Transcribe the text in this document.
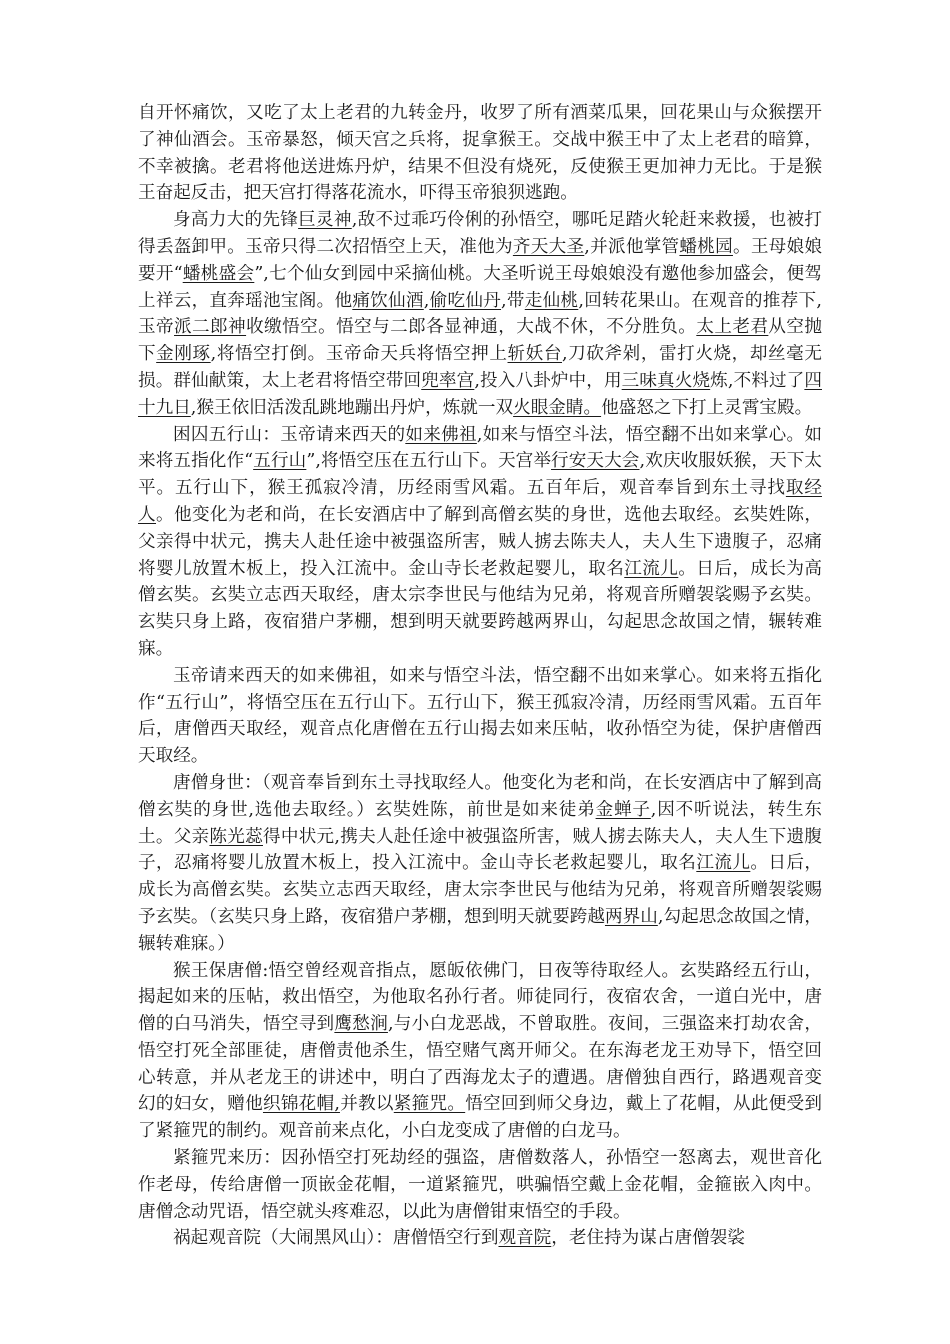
自开怀痛饮，又吃了太上老君的九转金丹，收罗了所有酒菜瓜果，回花果山与众猴摆开了神仙酒会。玉帝暴怒，倾天宫之兵将，捉拿猴王。交战中猴王中了太上老君的暗算，不幸被擒。老君将他送进炼丹炉，结果不但没有烧死，反使猴王更加神力无比。于是猴王奋起反击，把天宫打得落花流水，吓得玉帝狼狈逃跑。

身高力大的先锋巨灵神,敌不过乖巧伶俐的孙悟空，哪吒足踏火轮赶来救援，也被打得丢盔卸甲。玉帝只得二次招悟空上天，准他为齐天大圣,并派他掌管蟠桃园。王母娘娘要开“蟠桃盛会”,七个仙女到园中采摘仙桃。大圣听说王母娘娘没有邀他参加盛会，便驾上祥云，直奔瑶池宝阁。他痛饮仙酒,偷吃仙丹,带走仙桃,回转花果山。在观音的推荐下,玉帝派二郎神收缴悟空。悟空与二郎各显神通，大战不休，不分胜负。太上老君从空抛下金刚琢,将悟空打倒。玉帝命天兵将悟空押上斩妖台,刀砍斧剁，雷打火烧，却丝毫无损。群仙献策，太上老君将悟空带回兜率宫,投入八卦炉中，用三味真火烧炼,不料过了四十九日,猴王依旧活泼乱跳地蹦出丹炉，炼就一双火眼金睛。他盛怒之下打上灵霄宝殿。

困囚五行山：玉帝请来西天的如来佛祖,如来与悟空斗法，悟空翻不出如来掌心。如来将五指化作“五行山”,将悟空压在五行山下。天宫举行安天大会,欢庆收服妖猴，天下太平。五行山下，猴王孤寂冷清，历经雨雪风霜。五百年后，观音奉旨到东土寻找取经人。他变化为老和尚，在长安酒店中了解到高僧玄奘的身世，选他去取经。玄奘姓陈，父亲得中状元，携夫人赴任途中被强盗所害，贼人掳去陈夫人，夫人生下遗腹子，忍痛将婴儿放置木板上，投入江流中。金山寺长老救起婴儿，取名江流儿。日后，成长为高僧玄奘。玄奘立志西天取经，唐太宗李世民与他结为兄弟，将观音所赠袈裟赐予玄奘。玄奘只身上路，夜宿猎户茅棚，想到明天就要跨越两界山，勾起思念故国之情，辗转难寐。

玉帝请来西天的如来佛祖，如来与悟空斗法，悟空翻不出如来掌心。如来将五指化作“五行山”，将悟空压在五行山下。五行山下，猴王孤寂冷清，历经雨雪风霜。五百年后，唐僧西天取经，观音点化唐僧在五行山揭去如来压帖，收孙悟空为徒，保护唐僧西天取经。

唐僧身世：（观音奉旨到东土寻找取经人。他变化为老和尚，在长安酒店中了解到高僧玄奘的身世,选他去取经。）玄奘姓陈，前世是如来徒弟金蝉子,因不听说法，转生东土。父亲陈光蕊得中状元,携夫人赴任途中被强盗所害，贼人掳去陈夫人，夫人生下遗腹子，忍痛将婴儿放置木板上，投入江流中。金山寺长老救起婴儿，取名江流儿。日后，成长为高僧玄奘。玄奘立志西天取经，唐太宗李世民与他结为兄弟，将观音所赠袈裟赐予玄奘。（玄奘只身上路，夜宿猎户茅棚，想到明天就要跨越两界山,勾起思念故国之情，辗转难寐。）

猴王保唐僧:悟空曾经观音指点，愿皈依佛门，日夜等待取经人。玄奘路经五行山，揭起如来的压帖，救出悟空，为他取名孙行者。师徒同行，夜宿农舍，一道白光中，唐僧的白马消失，悟空寻到鹰愁涧,与小白龙恶战，不曾取胜。夜间，三强盗来打劫农舍，悟空打死全部匪徒，唐僧责他杀生，悟空赌气离开师父。在东海老龙王劝导下，悟空回心转意，并从老龙王的讲述中，明白了西海龙太子的遭遇。唐僧独自西行，路遇观音变幻的妇女，赠他织锦花帽,并教以紧箍咒。悟空回到师父身边，戴上了花帽，从此便受到了紧箍咒的制约。观音前来点化，小白龙变成了唐僧的白龙马。

紧箍咒来历：因孙悟空打死劫经的强盗，唐僧数落人，孙悟空一怒离去，观世音化作老母，传给唐僧一顶嵌金花帽，一道紧箍咒，哄骗悟空戴上金花帽，金箍嵌入肉中。唐僧念动咒语，悟空就头疼难忍，以此为唐僧钳束悟空的手段。

祸起观音院（大闹黑风山）：唐僧悟空行到观音院，老住持为谋占唐僧袈裟
